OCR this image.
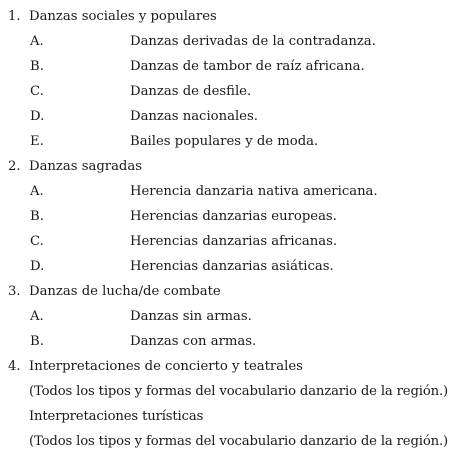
1. Danzas sociales y populares
A.	Danzas derivadas de la contradanza.
B.	Danzas de tambor de raíz africana.
C.	Danzas de desfile.
D.	Danzas nacionales.
E.	Bailes populares y de moda.
2. Danzas sagradas
A.	Herencia danzaria nativa americana.
B.	Herencias danzarias europeas.
C.	Herencias danzarias africanas.
D.	Herencias danzarias asiáticas.
3. Danzas de lucha/de combate
A.	Danzas sin armas.
B.	Danzas con armas.
4. Interpretaciones de concierto y teatrales
(Todos los tipos y formas del vocabulario danzario de la región.)
Interpretaciones turísticas
(Todos los tipos y formas del vocabulario danzario de la región.)
